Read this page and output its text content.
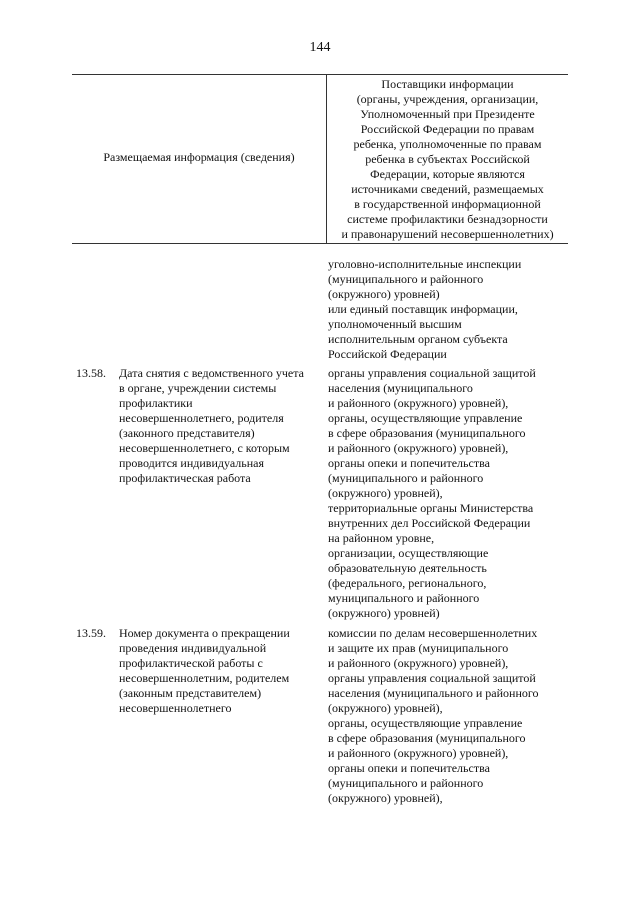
144
Размещаемая информация (сведения)
Поставщики информации
(органы, учреждения, организации,
Уполномоченный при Президенте
Российской Федерации по правам
ребенка, уполномоченные по правам
ребенка в субъектах Российской
Федерации, которые являются
источниками сведений, размещаемых
в государственной информационной
системе профилактики безнадзорности
и правонарушений несовершеннолетних)
уголовно-исполнительные инспекции
(муниципального и районного
(окружного) уровней)
или единый поставщик информации,
уполномоченный высшим
исполнительным органом субъекта
Российской Федерации
13.58.	Дата снятия с ведомственного учета
в органе, учреждении системы
профилактики
несовершеннолетнего, родителя
(законного представителя)
несовершеннолетнего, с которым
проводится индивидуальная
профилактическая работа
органы управления социальной защитой
населения (муниципального
и районного (окружного) уровней),
органы, осуществляющие управление
в сфере образования (муниципального
и районного (окружного) уровней),
органы опеки и попечительства
(муниципального и районного
(окружного) уровней),
территориальные органы Министерства
внутренних дел Российской Федерации
на районном уровне,
организации, осуществляющие
образовательную деятельность
(федерального, регионального,
муниципального и районного
(окружного) уровней)
13.59.	Номер документа о прекращении
проведения индивидуальной
профилактической работы с
несовершеннолетним, родителем
(законным представителем)
несовершеннолетнего
комиссии по делам несовершеннолетних
и защите их прав (муниципального
и районного (окружного) уровней),
органы управления социальной защитой
населения (муниципального и районного
(окружного) уровней),
органы, осуществляющие управление
в сфере образования (муниципального
и районного (окружного) уровней),
органы опеки и попечительства
(муниципального и районного
(окружного) уровней),
